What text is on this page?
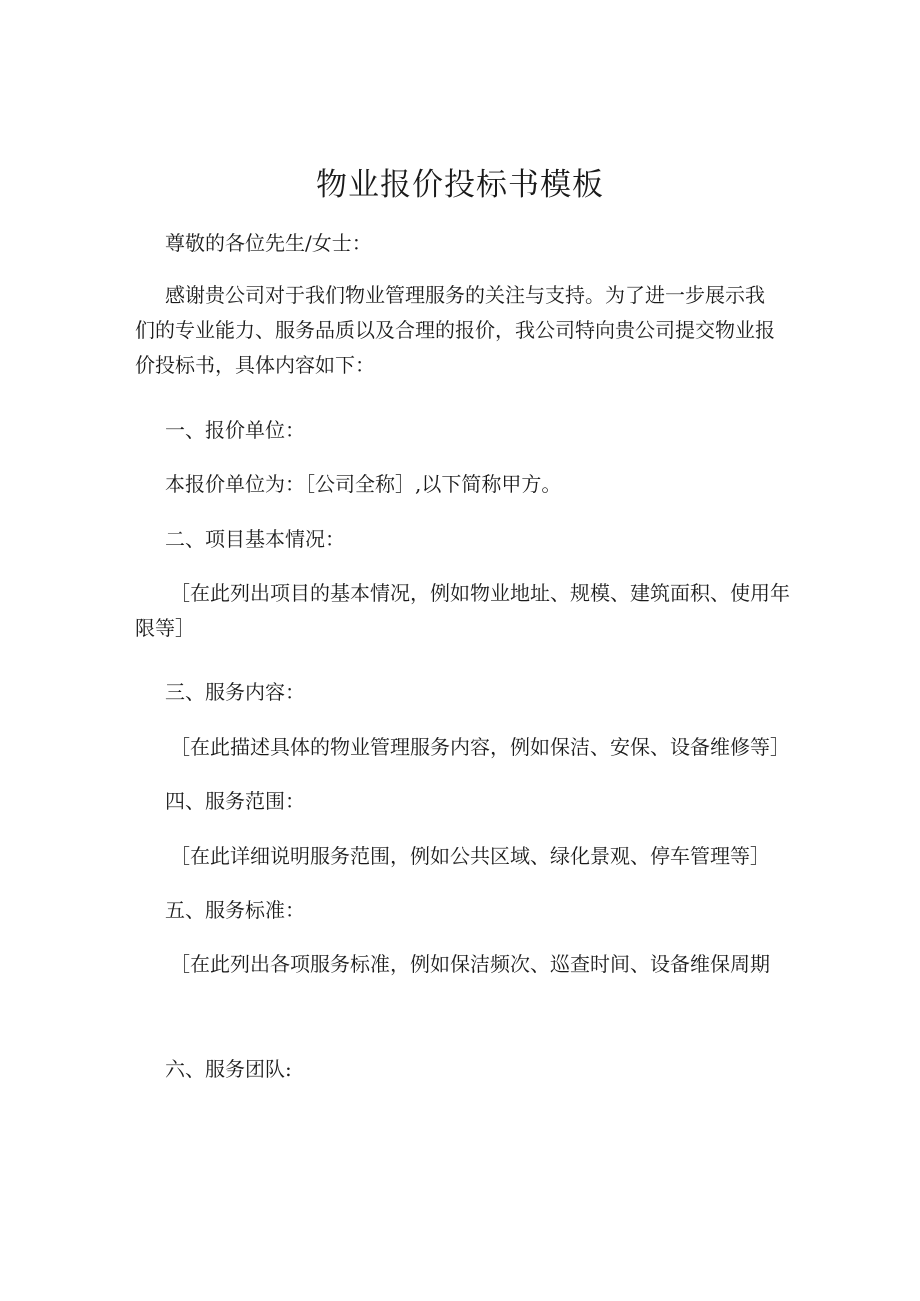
物业报价投标书模板

尊敬的各位先生/女士：

感谢贵公司对于我们物业管理服务的关注与支持。为了进一步展示我们的专业能力、服务品质以及合理的报价，我公司特向贵公司提交物业报价投标书，具体内容如下：

一、报价单位：

本报价单位为：［公司全称］,以下简称甲方。

二、项目基本情况：

［在此列出项目的基本情况，例如物业地址、规模、建筑面积、使用年限等］

三、服务内容：

［在此描述具体的物业管理服务内容，例如保洁、安保、设备维修等］

四、服务范围：

［在此详细说明服务范围，例如公共区域、绿化景观、停车管理等］

五、服务标准：

［在此列出各项服务标准，例如保洁频次、巡查时间、设备维保周期

六、服务团队:
